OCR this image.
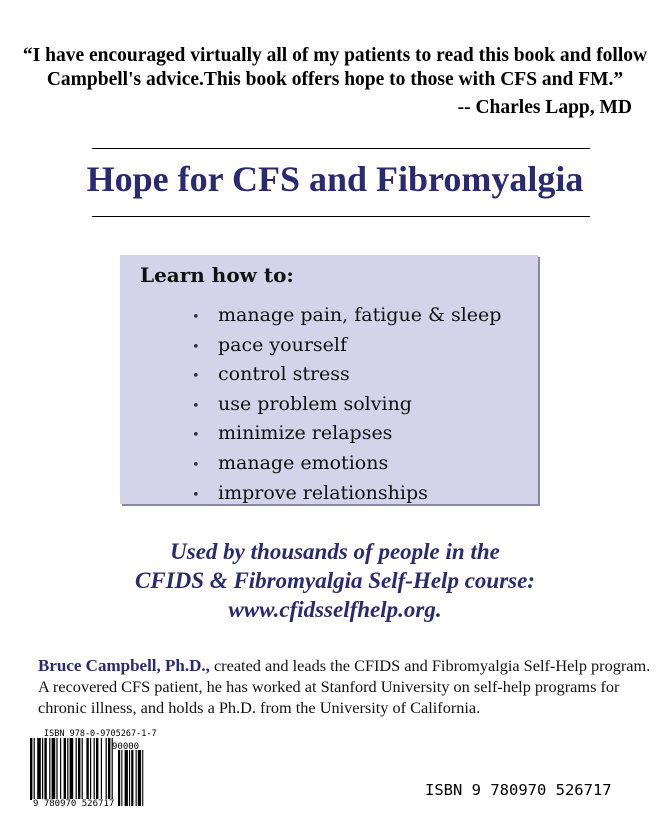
“I have encouraged virtually all of my patients to read this book and follow
Campbell's advice.This book offers hope to those with CFS and FM.”
-- Charles Lapp, MD
Hope for CFS and Fibromyalgia
Learn how to:
• manage pain, fatigue & sleep
• pace yourself
• control stress
• use problem solving
• minimize relapses
• manage emotions
• improve relationships
Used by thousands of people in the
CFIDS & Fibromyalgia Self-Help course:
www.cfidsselfhelp.org.
Bruce Campbell, Ph.D., created and leads the CFIDS and Fibromyalgia Self-Help program. A recovered CFS patient, he has worked at Stanford University on self-help programs for chronic illness, and holds a Ph.D. from the University of California.
ISBN 978-0-9705267-1-7
90000
9 780970 526717
ISBN 9 780970 526717
